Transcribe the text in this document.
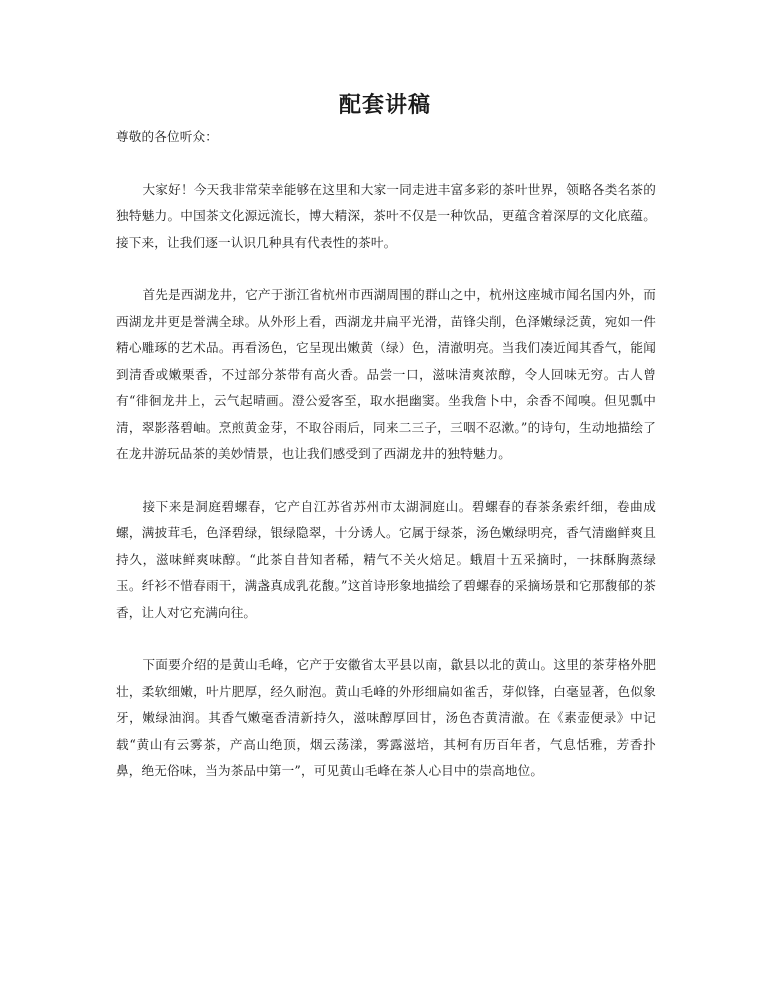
配套讲稿

尊敬的各位听众：

大家好！今天我非常荣幸能够在这里和大家一同走进丰富多彩的茶叶世界，领略各类名茶的独特魅力。中国茶文化源远流长，博大精深，茶叶不仅是一种饮品，更蕴含着深厚的文化底蕴。接下来，让我们逐一认识几种具有代表性的茶叶。

首先是西湖龙井，它产于浙江省杭州市西湖周围的群山之中，杭州这座城市闻名国内外，而西湖龙井更是誉满全球。从外形上看，西湖龙井扁平光滑，苗锋尖削，色泽嫩绿泛黄，宛如一件精心雕琢的艺术品。再看汤色，它呈现出嫩黄（绿）色，清澈明亮。当我们凑近闻其香气，能闻到清香或嫩栗香，不过部分茶带有高火香。品尝一口，滋味清爽浓醇，令人回味无穷。古人曾有“徘徊龙井上，云气起晴画。澄公爱客至，取水挹幽窦。坐我詹卜中，余香不闻嗅。但见瓢中清，翠影落碧岫。烹煎黄金芽，不取谷雨后，同来二三子，三咽不忍漱。”的诗句，生动地描绘了在龙井游玩品茶的美妙情景，也让我们感受到了西湖龙井的独特魅力。

接下来是洞庭碧螺春，它产自江苏省苏州市太湖洞庭山。碧螺春的春茶条索纤细，卷曲成螺，满披茸毛，色泽碧绿，银绿隐翠，十分诱人。它属于绿茶，汤色嫩绿明亮，香气清幽鲜爽且持久，滋味鲜爽味醇。“此茶自昔知者稀，精气不关火焙足。蛾眉十五采摘时，一抹酥胸蒸绿玉。纤衫不惜春雨干，满盏真成乳花馥。”这首诗形象地描绘了碧螺春的采摘场景和它那馥郁的茶香，让人对它充满向往。

下面要介绍的是黄山毛峰，它产于安徽省太平县以南，歙县以北的黄山。这里的茶芽格外肥壮，柔软细嫩，叶片肥厚，经久耐泡。黄山毛峰的外形细扁如雀舌，芽似锋，白毫显著，色似象牙，嫩绿油润。其香气嫩毫香清新持久，滋味醇厚回甘，汤色杏黄清澈。在《素壶便录》中记载“黄山有云雾茶，产高山绝顶，烟云荡漾，雾露滋培，其柯有历百年者，气息恬雅，芳香扑鼻，绝无俗味，当为茶品中第一”，可见黄山毛峰在茶人心目中的崇高地位。
